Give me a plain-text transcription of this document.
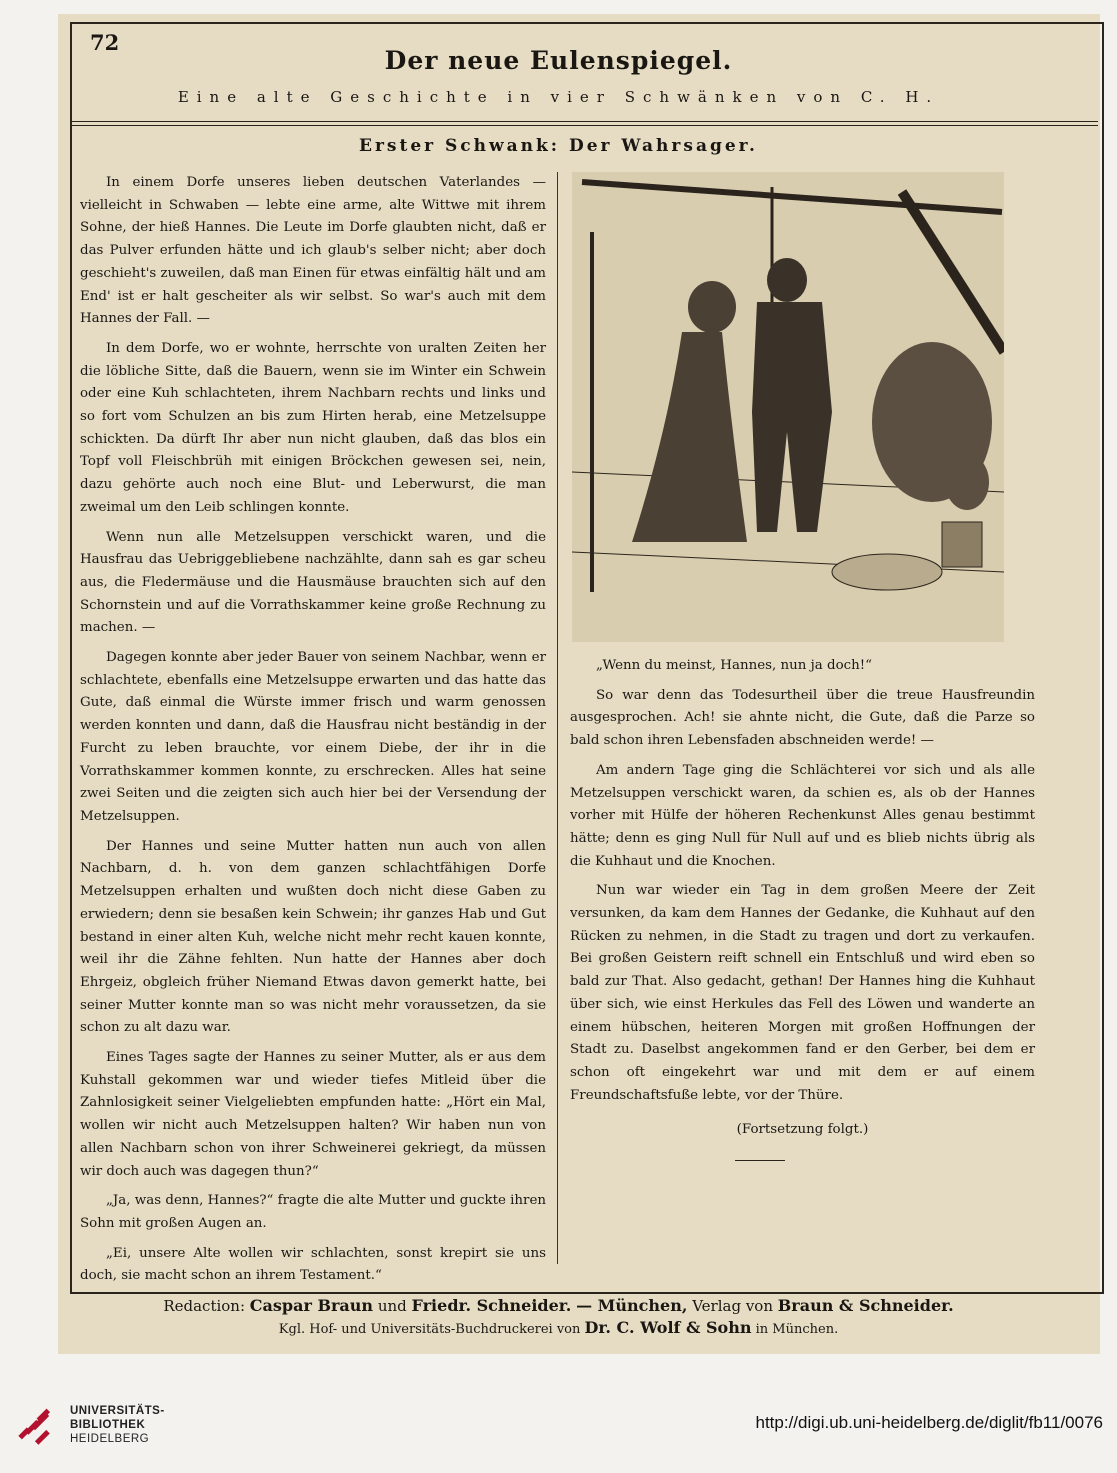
72
Der neue Eulenspiegel.
Eine alte Geschichte in vier Schwänken von C. H.
Erster Schwank: Der Wahrsager.

In einem Dorfe unseres lieben deutschen Vaterlandes — vielleicht in Schwaben — lebte eine arme, alte Wittwe mit ihrem Sohne, der hieß Hannes. Die Leute im Dorfe glaubten nicht, daß er das Pulver erfunden hätte und ich glaub's selber nicht; aber doch geschieht's zuweilen, daß man Einen für etwas einfältig hält und am End' ist er halt gescheiter als wir selbst. So war's auch mit dem Hannes der Fall. —

In dem Dorfe, wo er wohnte, herrschte von uralten Zeiten her die löbliche Sitte, daß die Bauern, wenn sie im Winter ein Schwein oder eine Kuh schlachteten, ihrem Nachbarn rechts und links und so fort vom Schulzen an bis zum Hirten herab, eine Metzelsuppe schickten. Da dürft Ihr aber nun nicht glauben, daß das blos ein Topf voll Fleischbrüh mit einigen Bröckchen gewesen sei, nein, dazu gehörte auch noch eine Blut- und Leberwurst, die man zweimal um den Leib schlingen konnte.

Wenn nun alle Metzelsuppen verschickt waren, und die Hausfrau das Uebriggebliebene nachzählte, dann sah es gar scheu aus, die Fledermäuse und die Hausmäuse brauchten sich auf den Schornstein und auf die Vorrathskammer keine große Rechnung zu machen. —

Dagegen konnte aber jeder Bauer von seinem Nachbar, wenn er schlachtete, ebenfalls eine Metzelsuppe erwarten und das hatte das Gute, daß einmal die Würste immer frisch und warm genossen werden konnten und dann, daß die Hausfrau nicht beständig in der Furcht zu leben brauchte, vor einem Diebe, der ihr in die Vorrathskammer kommen konnte, zu erschrecken. Alles hat seine zwei Seiten und die zeigten sich auch hier bei der Versendung der Metzelsuppen.

Der Hannes und seine Mutter hatten nun auch von allen Nachbarn, d. h. von dem ganzen schlachtfähigen Dorfe Metzelsuppen erhalten und wußten doch nicht diese Gaben zu erwiedern; denn sie besaßen kein Schwein; ihr ganzes Hab und Gut bestand in einer alten Kuh, welche nicht mehr recht kauen konnte, weil ihr die Zähne fehlten. Nun hatte der Hannes aber doch Ehrgeiz, obgleich früher Niemand Etwas davon gemerkt hatte, bei seiner Mutter konnte man so was nicht mehr voraussetzen, da sie schon zu alt dazu war.

Eines Tages sagte der Hannes zu seiner Mutter, als er aus dem Kuhstall gekommen war und wieder tiefes Mitleid über die Zahnlosigkeit seiner Vielgeliebten empfunden hatte: „Hört ein Mal, wollen wir nicht auch Metzelsuppen halten? Wir haben nun von allen Nachbarn schon von ihrer Schweinerei gekriegt, da müssen wir doch auch was dagegen thun?“

„Ja, was denn, Hannes?“ fragte die alte Mutter und guckte ihren Sohn mit großen Augen an.

„Ei, unsere Alte wollen wir schlachten, sonst krepirt sie uns doch, sie macht schon an ihrem Testament.“

„Wenn du meinst, Hannes, nun ja doch!“

So war denn das Todesurtheil über die treue Hausfreundin ausgesprochen. Ach! sie ahnte nicht, die Gute, daß die Parze so bald schon ihren Lebensfaden abschneiden werde! —

Am andern Tage ging die Schlächterei vor sich und als alle Metzelsuppen verschickt waren, da schien es, als ob der Hannes vorher mit Hülfe der höheren Rechenkunst Alles genau bestimmt hätte; denn es ging Null für Null auf und es blieb nichts übrig als die Kuhhaut und die Knochen.

Nun war wieder ein Tag in dem großen Meere der Zeit versunken, da kam dem Hannes der Gedanke, die Kuhhaut auf den Rücken zu nehmen, in die Stadt zu tragen und dort zu verkaufen. Bei großen Geistern reift schnell ein Entschluß und wird eben so bald zur That. Also gedacht, gethan! Der Hannes hing die Kuhhaut über sich, wie einst Herkules das Fell des Löwen und wanderte an einem hübschen, heiteren Morgen mit großen Hoffnungen der Stadt zu. Daselbst angekommen fand er den Gerber, bei dem er schon oft eingekehrt war und mit dem er auf einem Freundschaftsfuße lebte, vor der Thüre.

(Fortsetzung folgt.)

Redaction: Caspar Braun und Friedr. Schneider. — München, Verlag von Braun & Schneider.
Kgl. Hof- und Universitäts-Buchdruckerei von Dr. C. Wolf & Sohn in München.
UNIVERSITÄTS-
BIBLIOTHEK
HEIDELBERG
http://digi.ub.uni-heidelberg.de/diglit/fb11/0076
